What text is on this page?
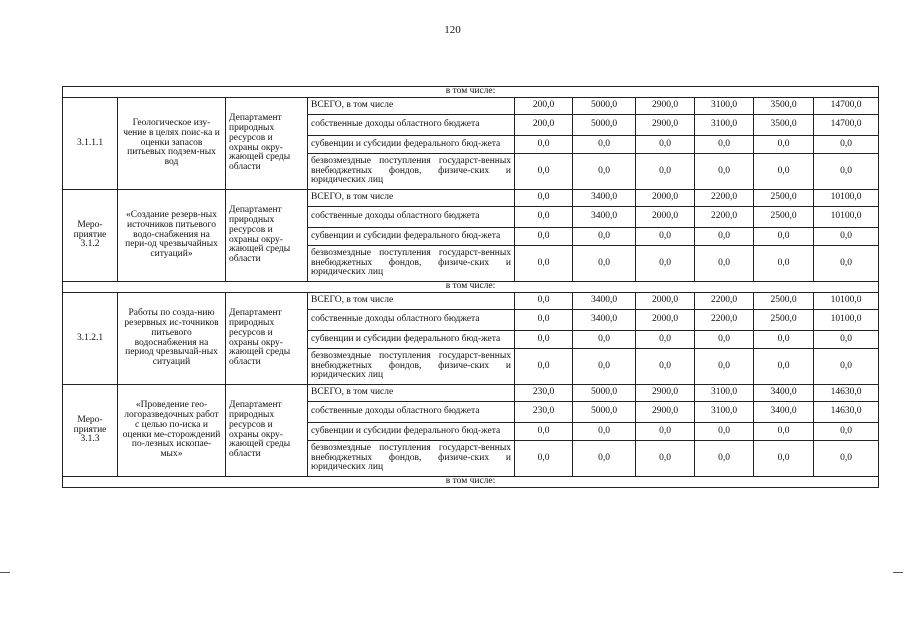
120
в том числе:									
3.1.1.1	Геологическое изу-чение в целях поис-ка и оценки запасов питьевых подзем-ных вод	Департамент природных ресурсов и охраны окру-жающей среды области	ВСЕГО, в том числе	200,0	5000,0	2900,0	3100,0	3500,0	14700,0
			собственные доходы областного бюджета	200,0	5000,0	2900,0	3100,0	3500,0	14700,0
			субвенции и субсидии федерального бюд-жета	0,0	0,0	0,0	0,0	0,0	0,0
			безвозмездные поступления государст-венных внебюджетных фондов, физиче-ских и юридических лиц	0,0	0,0	0,0	0,0	0,0	0,0
Меро-приятие 3.1.2	«Создание резерв-ных источников питьевого водо-снабжения на пери-од чрезвычайных ситуаций»	Департамент природных ресурсов и охраны окру-жающей среды области	ВСЕГО, в том числе	0,0	3400,0	2000,0	2200,0	2500,0	10100,0
			собственные доходы областного бюджета	0,0	3400,0	2000,0	2200,0	2500,0	10100,0
			субвенции и субсидии федерального бюд-жета	0,0	0,0	0,0	0,0	0,0	0,0
			безвозмездные поступления государст-венных внебюджетных фондов, физиче-ских и юридических лиц	0,0	0,0	0,0	0,0	0,0	0,0
в том числе:									
3.1.2.1	Работы по созда-нию резервных ис-точников питьевого водоснабжения на период чрезвычай-ных ситуаций	Департамент природных ресурсов и охраны окру-жающей среды области	ВСЕГО, в том числе	0,0	3400,0	2000,0	2200,0	2500,0	10100,0
			собственные доходы областного бюджета	0,0	3400,0	2000,0	2200,0	2500,0	10100,0
			субвенции и субсидии федерального бюд-жета	0,0	0,0	0,0	0,0	0,0	0,0
			безвозмездные поступления государст-венных внебюджетных фондов, физиче-ских и юридических лиц	0,0	0,0	0,0	0,0	0,0	0,0
Меро-приятие 3.1.3	«Проведение гео-логоразведочных работ с целью по-иска и оценки ме-сторождений по-лезных ископае-мых»	Департамент природных ресурсов и охраны окру-жающей среды области	ВСЕГО, в том числе	230,0	5000,0	2900,0	3100,0	3400,0	14630,0
			собственные доходы областного бюджета	230,0	5000,0	2900,0	3100,0	3400,0	14630,0
			субвенции и субсидии федерального бюд-жета	0,0	0,0	0,0	0,0	0,0	0,0
			безвозмездные поступления государст-венных внебюджетных фондов, физиче-ских и юридических лиц	0,0	0,0	0,0	0,0	0,0	0,0
в том числе:									
